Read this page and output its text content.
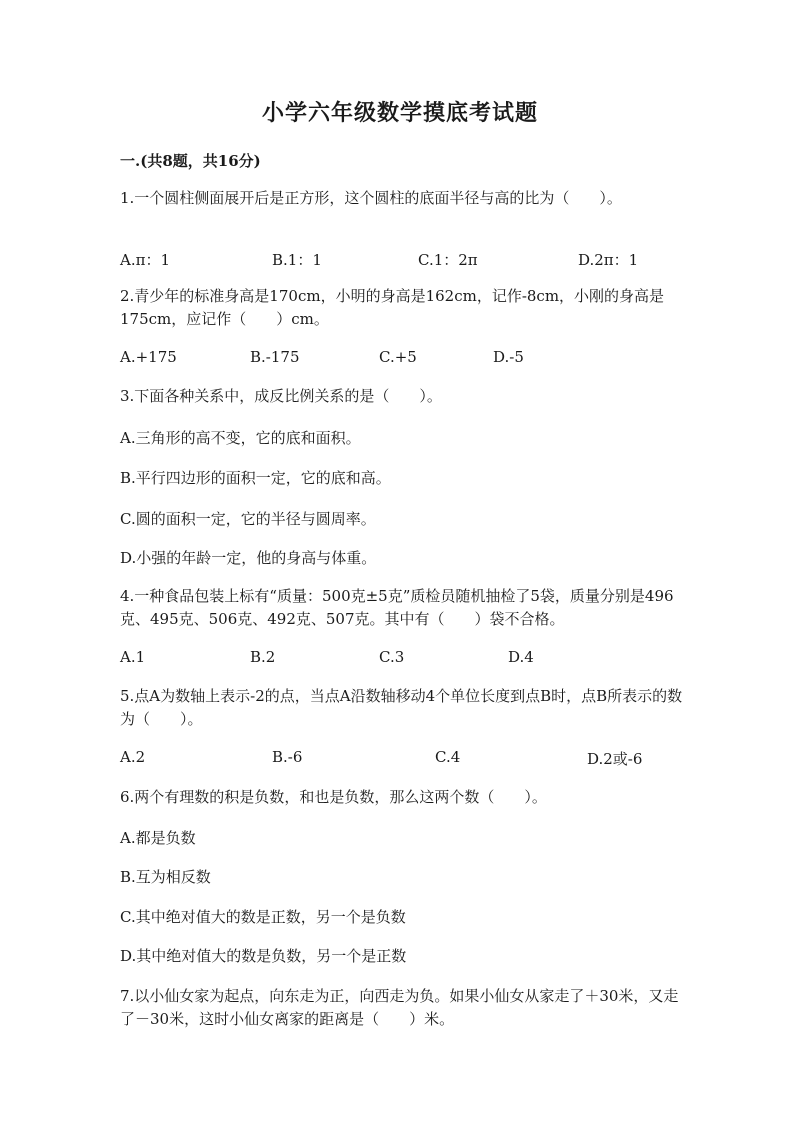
小学六年级数学摸底考试题
一.(共8题，共16分)
1.一个圆柱侧面展开后是正方形，这个圆柱的底面半径与高的比为（　　）。
A.π：1	B.1：1	C.1：2π	D.2π：1
2.青少年的标准身高是170cm，小明的身高是162cm，记作-8cm，小刚的身高是175cm，应记作（　　）cm。
A.+175	B.-175	C.+5	D.-5
3.下面各种关系中，成反比例关系的是（　　）。
A.三角形的高不变，它的底和面积。
B.平行四边形的面积一定，它的底和高。
C.圆的面积一定，它的半径与圆周率。
D.小强的年龄一定，他的身高与体重。
4.一种食品包装上标有“质量：500克±5克”质检员随机抽检了5袋，质量分别是496克、495克、506克、492克、507克。其中有（　　）袋不合格。
A.1	B.2	C.3	D.4
5.点A为数轴上表示-2的点，当点A沿数轴移动4个单位长度到点B时，点B所表示的数为（　　）。
A.2	B.-6	C.4	D.2或-6
6.两个有理数的积是负数，和也是负数，那么这两个数（　　）。
A.都是负数
B.互为相反数
C.其中绝对值大的数是正数，另一个是负数
D.其中绝对值大的数是负数，另一个是正数
7.以小仙女家为起点，向东走为正，向西走为负。如果小仙女从家走了＋30米，又走了－30米，这时小仙女离家的距离是（　　）米。
